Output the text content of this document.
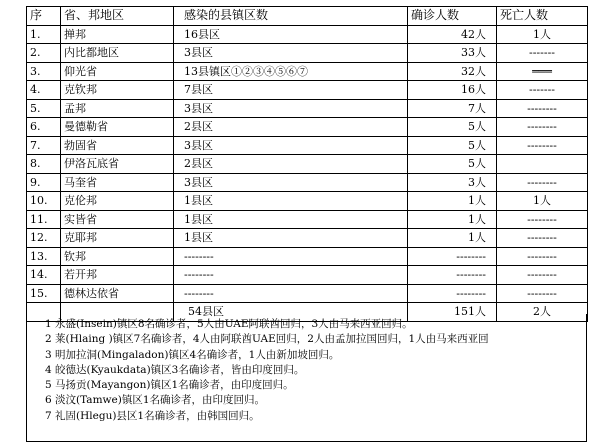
序	省、邦地区	感染的县镇区数	确诊人数	死亡人数
1.	掸邦	16县区	42人	1人
2.	内比都地区	3县区	33人	-------
3.	仰光省	13县镇区①②③④⑤⑥⑦	32人	═══
4.	克钦邦	7县区	16人	-------
5.	孟邦	3县区	7人	--------
6.	曼德勒省	2县区	5人	--------
7.	勃固省	3县区	5人	--------
8.	伊洛瓦底省	2县区	5人	
9.	马奎省	3县区	3人	--------
10.	克伦邦	1县区	1人	1人
11.	实皆省	1县区	1人	--------
12.	克耶邦	1县区	1人	--------
13.	钦邦	--------	--------	--------
14.	若开邦	--------	--------	--------
15.	德林达依省	--------	--------	--------
		54县区	151人	2人
1 永盛(Insein)镇区8名确诊者，5人由UAE阿联酋回归，3人由马来西亚回归。
2 莱(Hlaing )镇区7名确诊者，4人由阿联酋UAE回归，2人由孟加拉国回归，1人由马来西亚回
3 明加拉洞(Mingaladon)镇区4名确诊者，1人由新加坡回归。
4 皎德达(Kyaukdata)镇区3名确诊者，皆由印度回归。
5 马扬贡(Mayangon)镇区1名确诊者，由印度回归。
6 淡汶(Tamwe)镇区1名确诊者，由印度回归。
7 礼固(Hlegu)县区1名确诊者，由韩国回归。
